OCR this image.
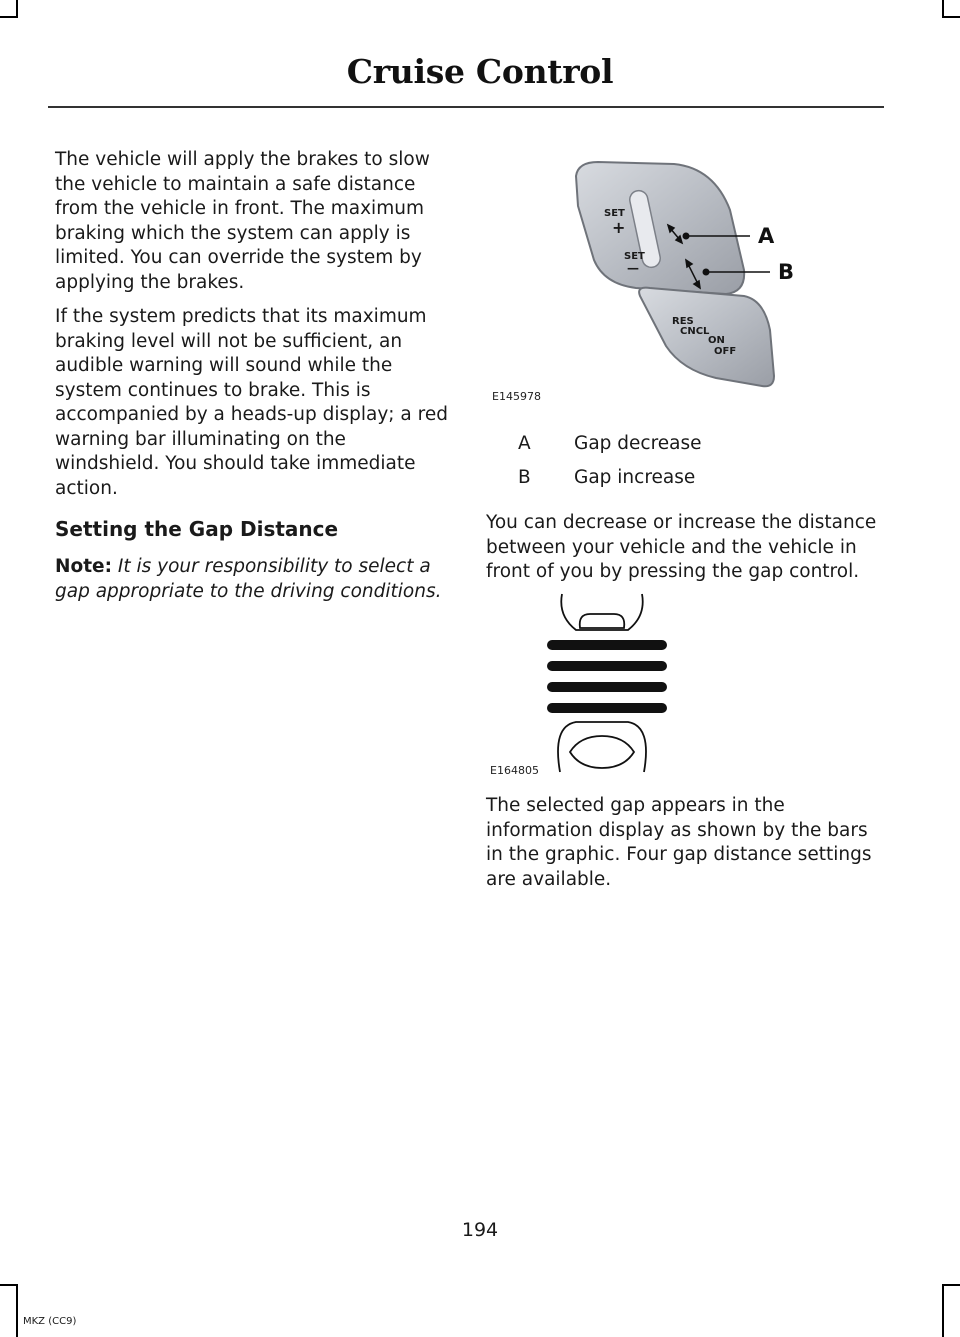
Cruise Control

The vehicle will apply the brakes to slow the vehicle to maintain a safe distance from the vehicle in front. The maximum braking which the system can apply is limited. You can override the system by applying the brakes.

If the system predicts that its maximum braking level will not be sufficient, an audible warning will sound while the system continues to brake. This is accompanied by a heads-up display; a red warning bar illuminating on the windshield. You should take immediate action.

Setting the Gap Distance

Note: It is your responsibility to select a gap appropriate to the driving conditions.

SET
+
SET
—
RES
CNCL
ON
OFF
A
B
E145978
A Gap decrease
B Gap increase

You can decrease or increase the distance between your vehicle and the vehicle in front of you by pressing the gap control.

E164805

The selected gap appears in the information display as shown by the bars in the graphic. Four gap distance settings are available.

194
MKZ (CC9)
